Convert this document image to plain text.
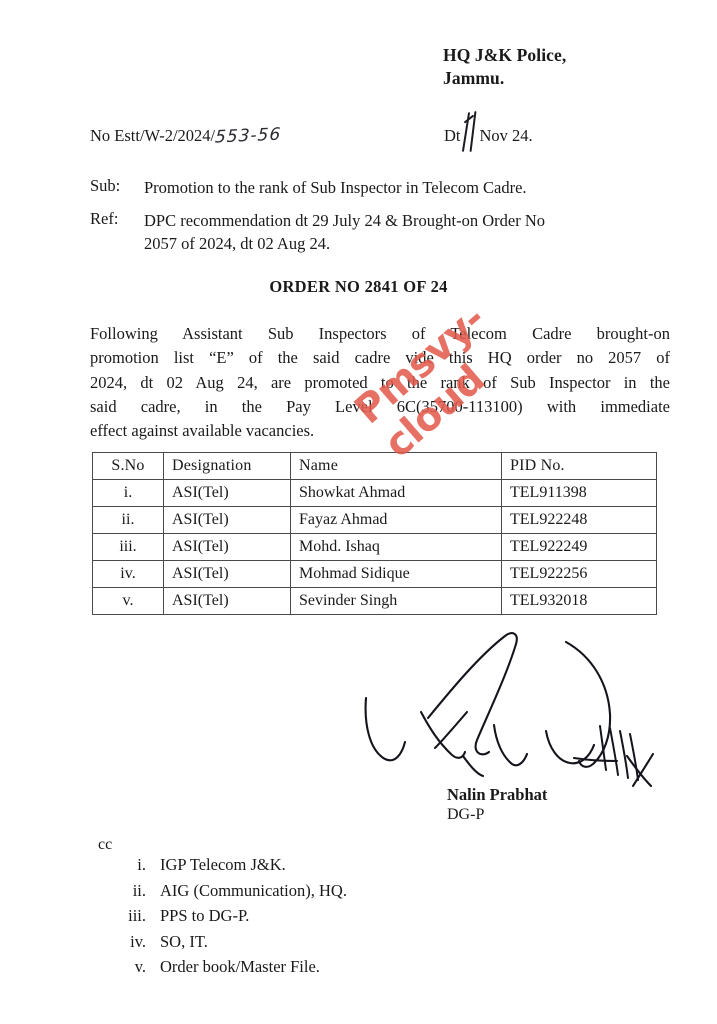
HQ J&K Police,
Jammu.
No Estt/W-2/2024/553-56	Dt Nov 24.
Sub:	Promotion to the rank of Sub Inspector in Telecom Cadre.
Ref:	DPC recommendation dt 29 July 24 & Brought-on Order No
2057 of 2024, dt 02 Aug 24.
ORDER NO 2841 OF 24
Following Assistant Sub Inspectors of Telecom Cadre brought-on
promotion list “E” of the said cadre vide this HQ order no 2057 of
2024, dt 02 Aug 24, are promoted to the rank of Sub Inspector in the
said cadre, in the Pay Level 6C(35700-113100) with immediate
effect against available vacancies.
S.No	Designation	Name	PID No.
i.	ASI(Tel)	Showkat Ahmad	TEL911398
ii.	ASI(Tel)	Fayaz Ahmad	TEL922248
iii.	ASI(Tel)	Mohd. Ishaq	TEL922249
iv.	ASI(Tel)	Mohmad Sidique	TEL922256
v.	ASI(Tel)	Sevinder Singh	TEL932018
Nalin Prabhat
DG-P
cc
i. IGP Telecom J&K.
ii. AIG (Communication), HQ.
iii. PPS to DG-P.
iv. SO, IT.
v. Order book/Master File.
Pmsvy-cloud
